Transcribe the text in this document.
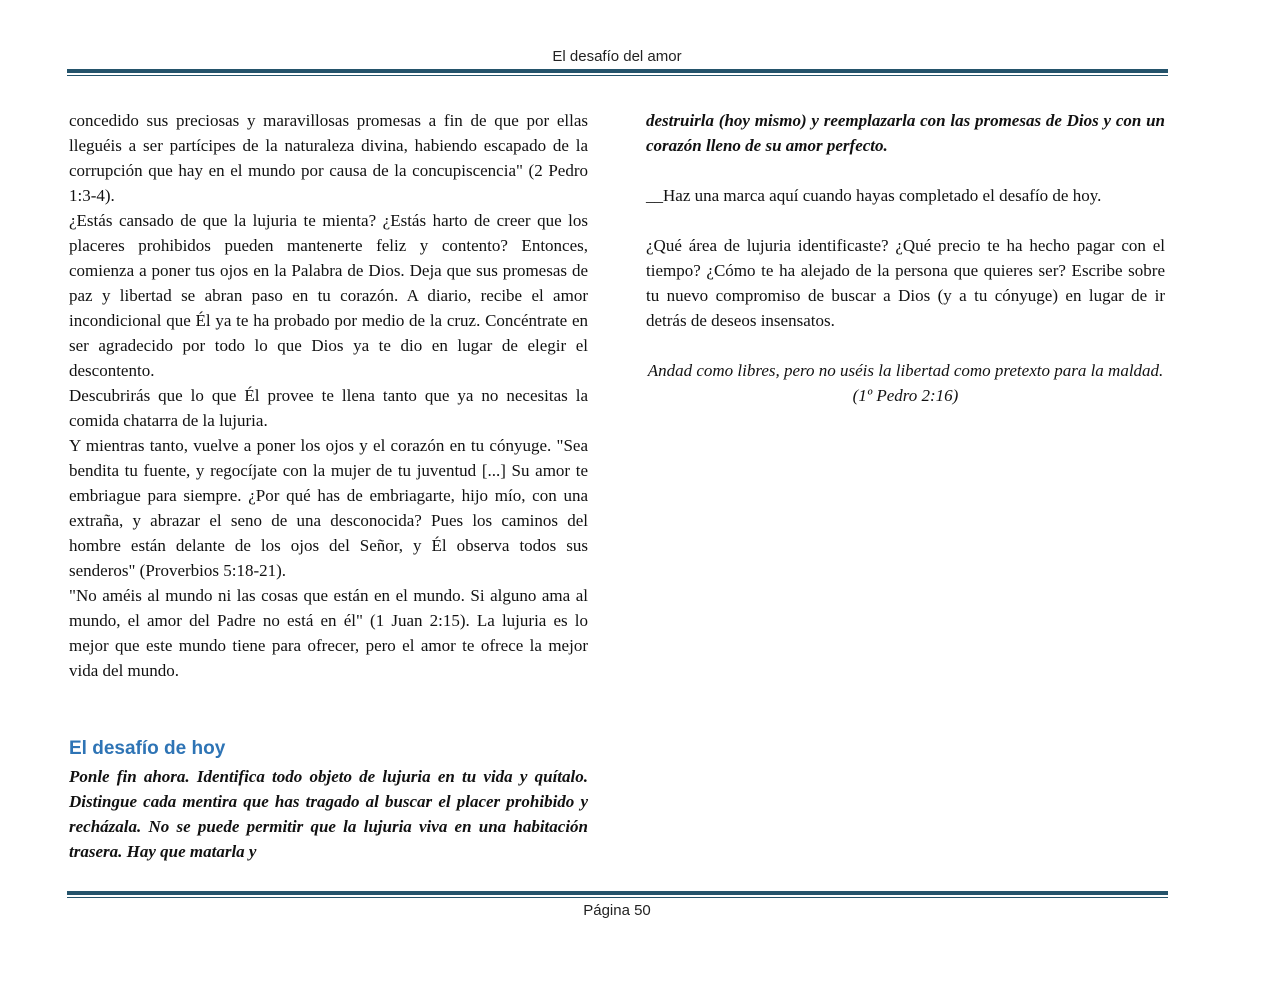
El desafío del amor

concedido sus preciosas y maravillosas promesas a fin de que por ellas lleguéis a ser partícipes de la naturaleza divina, habiendo escapado de la corrupción que hay en el mundo por causa de la concupiscencia" (2 Pedro 1:3-4).

¿Estás cansado de que la lujuria te mienta? ¿Estás harto de creer que los placeres prohibidos pueden mantenerte feliz y contento? Entonces, comienza a poner tus ojos en la Palabra de Dios. Deja que sus promesas de paz y libertad se abran paso en tu corazón. A diario, recibe el amor incondicional que Él ya te ha probado por medio de la cruz. Concéntrate en ser agradecido por todo lo que Dios ya te dio en lugar de elegir el descontento.

Descubrirás que lo que Él provee te llena tanto que ya no necesitas la comida chatarra de la lujuria.

Y mientras tanto, vuelve a poner los ojos y el corazón en tu cónyuge. "Sea bendita tu fuente, y regocíjate con la mujer de tu juventud [...] Su amor te embriague para siempre. ¿Por qué has de embriagarte, hijo mío, con una extraña, y abrazar el seno de una desconocida? Pues los caminos del hombre están delante de los ojos del Señor, y Él observa todos sus senderos" (Proverbios 5:18-21).

"No améis al mundo ni las cosas que están en el mundo. Si alguno ama al mundo, el amor del Padre no está en él" (1 Juan 2:15). La lujuria es lo mejor que este mundo tiene para ofrecer, pero el amor te ofrece la mejor vida del mundo.

El desafío de hoy

Ponle fin ahora. Identifica todo objeto de lujuria en tu vida y quítalo. Distingue cada mentira que has tragado al buscar el placer prohibido y recházala. No se puede permitir que la lujuria viva en una habitación trasera. Hay que matarla y

destruirla (hoy mismo) y reemplazarla con las promesas de Dios y con un corazón lleno de su amor perfecto.

__Haz una marca aquí cuando hayas completado el desafío de hoy.

¿Qué área de lujuria identificaste? ¿Qué precio te ha hecho pagar con el tiempo? ¿Cómo te ha alejado de la persona que quieres ser? Escribe sobre tu nuevo compromiso de buscar a Dios (y a tu cónyuge) en lugar de ir detrás de deseos insensatos.

Andad como libres, pero no uséis la libertad como pretexto para la maldad. (1º Pedro 2:16)

Página 50
